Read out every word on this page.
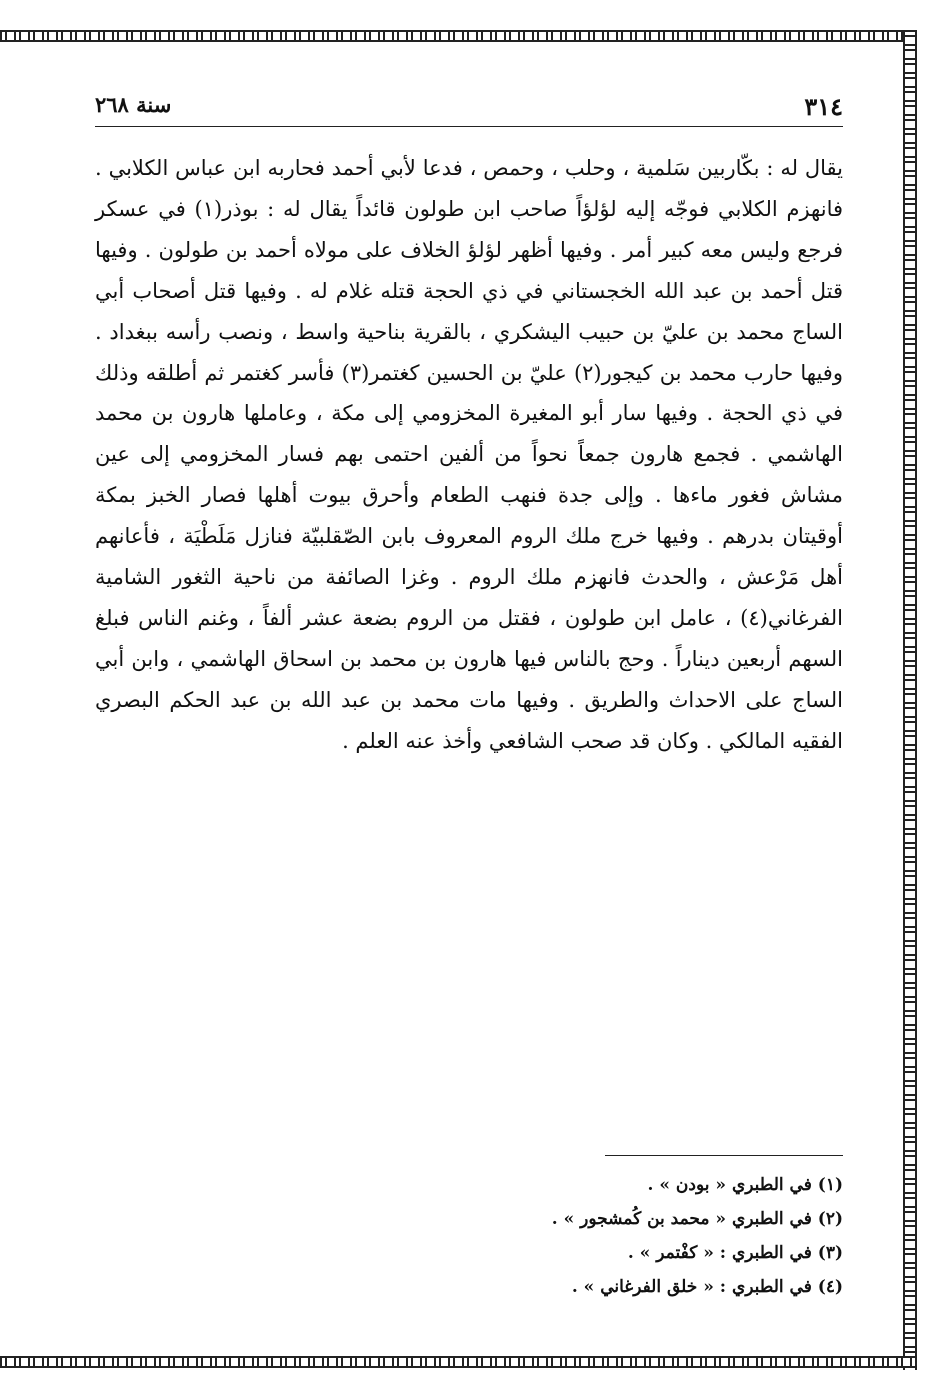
٣١٤
سنة ٢٦٨
يقال له : بكّاربين سَلمية ، وحلب ، وحمص ، فدعا لأبي أحمد فحاربه ابن عباس الكلابي . فانهزم الكلابي فوجّه إليه لؤلؤاً صاحب ابن طولون قائداً يقال له : بوذر(١) في عسكر فرجع وليس معه كبير أمر . وفيها أظهر لؤلؤ الخلاف على مولاه أحمد بن طولون . وفيها قتل أحمد بن عبد الله الخجستاني في ذي الحجة قتله غلام له . وفيها قتل أصحاب أبي الساج محمد بن عليّ بن حبيب اليشكري ، بالقرية بناحية واسط ، ونصب رأسه ببغداد . وفيها حارب محمد بن كيجور(٢) عليّ بن الحسين كغتمر(٣) فأسر كغتمر ثم أطلقه وذلك في ذي الحجة . وفيها سار أبو المغيرة المخزومي إلى مكة ، وعاملها هارون بن محمد الهاشمي . فجمع هارون جمعاً نحواً من ألفين احتمى بهم فسار المخزومي إلى عين مشاش فغور ماءها . وإلى جدة فنهب الطعام وأحرق بيوت أهلها فصار الخبز بمكة أوقيتان بدرهم . وفيها خرج ملك الروم المعروف بابن الصّقلبيّة فنازل مَلَطْيَة ، فأعانهم أهل مَرْعش ، والحدث فانهزم ملك الروم . وغزا الصائفة من ناحية الثغور الشامية الفرغاني(٤) ، عامل ابن طولون ، فقتل من الروم بضعة عشر ألفاً ، وغنم الناس فبلغ السهم أربعين ديناراً . وحج بالناس فيها هارون بن محمد بن اسحاق الهاشمي ، وابن أبي الساج على الاحداث والطريق . وفيها مات محمد بن عبد الله بن عبد الحكم البصري الفقيه المالكي . وكان قد صحب الشافعي وأخذ عنه العلم .
(١) في الطبري « بودن » .
(٢) في الطبري « محمد بن كُمشجور » .
(٣) في الطبري : « كفْتمر » .
(٤) في الطبري : « خلق الفرغاني » .
